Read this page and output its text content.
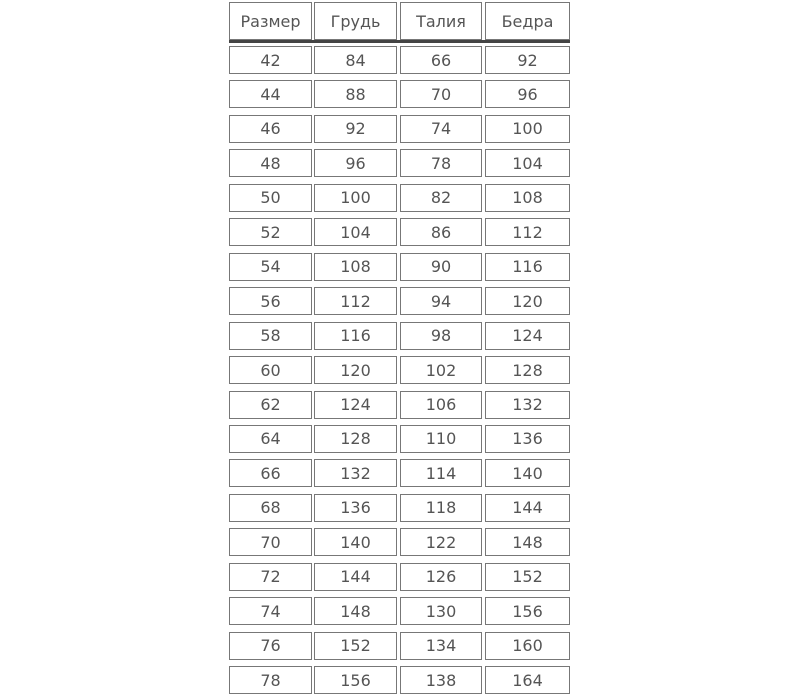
Размер	Грудь	Талия	Бедра
42	84	66	92
44	88	70	96
46	92	74	100
48	96	78	104
50	100	82	108
52	104	86	112
54	108	90	116
56	112	94	120
58	116	98	124
60	120	102	128
62	124	106	132
64	128	110	136
66	132	114	140
68	136	118	144
70	140	122	148
72	144	126	152
74	148	130	156
76	152	134	160
78	156	138	164
